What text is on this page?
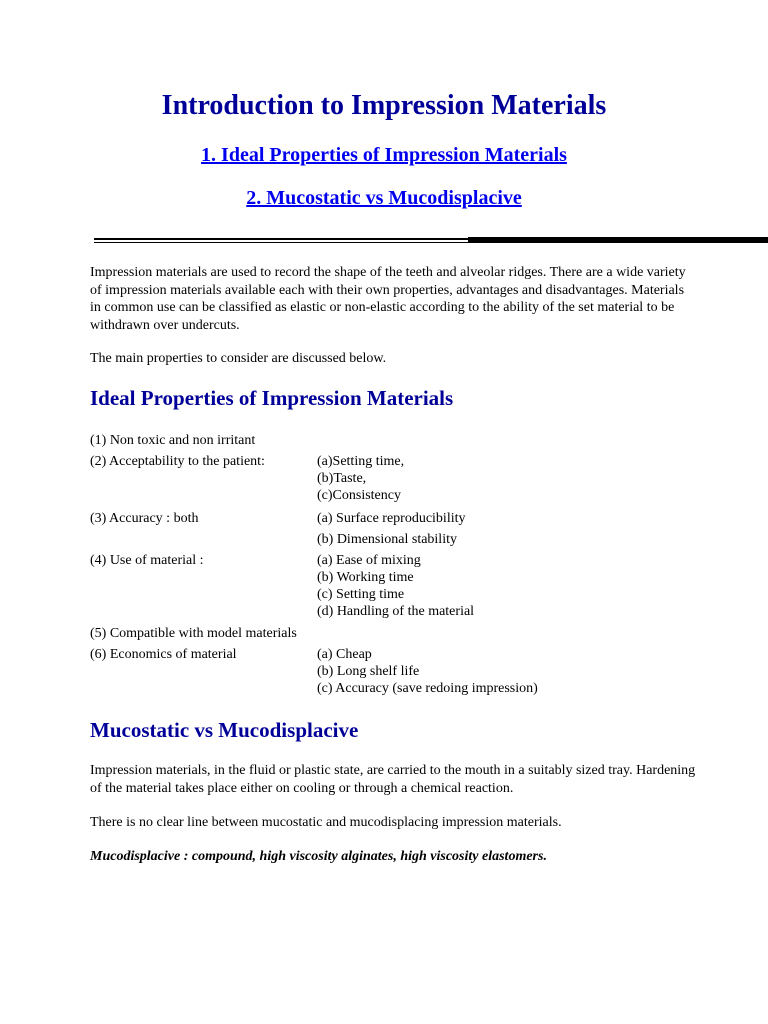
Introduction to Impression Materials
1. Ideal Properties of Impression Materials
2. Mucostatic vs Mucodisplacive

Impression materials are used to record the shape of the teeth and alveolar ridges. There are a wide variety of impression materials available each with their own properties, advantages and disadvantages. Materials in common use can be classified as elastic or non-elastic according to the ability of the set material to be withdrawn over undercuts.

The main properties to consider are discussed below.

Ideal Properties of Impression Materials
(1) Non toxic and non irritant
(2) Acceptability to the patient:	(a)Setting time,
(b)Taste,
(c)Consistency
(3) Accuracy : both	(a) Surface reproducibility
(b) Dimensional stability
(4) Use of material :	(a) Ease of mixing
(b) Working time
(c) Setting time
(d) Handling of the material
(5) Compatible with model materials
(6) Economics of material	(a) Cheap
(b) Long shelf life
(c) Accuracy (save redoing impression)
Mucostatic vs Mucodisplacive

Impression materials, in the fluid or plastic state, are carried to the mouth in a suitably sized tray. Hardening of the material takes place either on cooling or through a chemical reaction.

There is no clear line between mucostatic and mucodisplacing impression materials.

Mucodisplacive : compound, high viscosity alginates, high viscosity elastomers.
